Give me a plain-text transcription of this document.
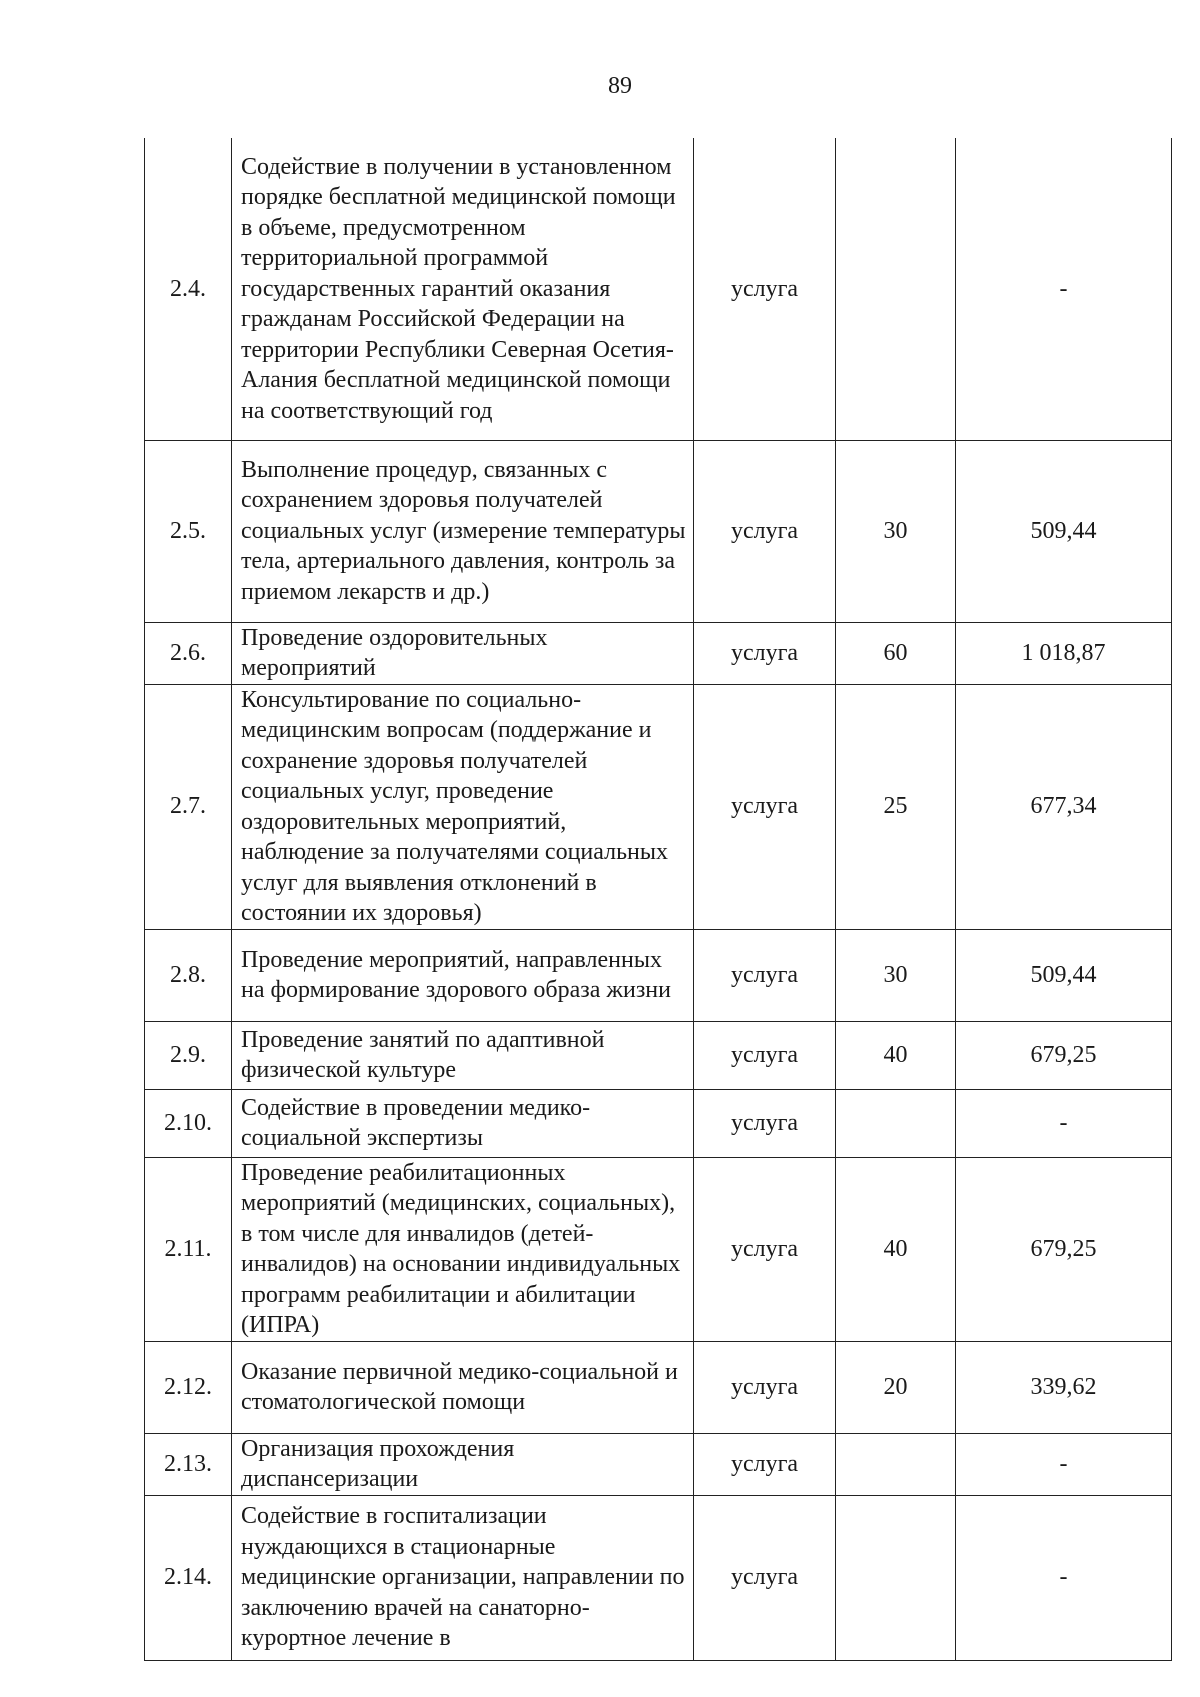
89
2.4.	Содействие в получении в установленном порядке бесплатной медицинской помощи в объеме, предусмотренном территориальной программой государственных гарантий оказания гражданам Российской Федерации на территории Республики Северная Осетия-Алания бесплатной медицинской помощи на соответствующий год	услуга		-
2.5.	Выполнение процедур, связанных с сохранением здоровья получателей социальных услуг (измерение температуры тела, артериального давления, контроль за приемом лекарств и др.)	услуга	30	509,44
2.6.	Проведение оздоровительных мероприятий	услуга	60	1 018,87
2.7.	Консультирование по социально-медицинским вопросам (поддержание и сохранение здоровья получателей социальных услуг, проведение оздоровительных мероприятий, наблюдение за получателями социальных услуг для выявления отклонений в состоянии их здоровья)	услуга	25	677,34
2.8.	Проведение мероприятий, направленных на формирование здорового образа жизни	услуга	30	509,44
2.9.	Проведение занятий по адаптивной физической культуре	услуга	40	679,25
2.10.	Содействие в проведении медико-социальной экспертизы	услуга		-
2.11.	Проведение реабилитационных мероприятий (медицинских, социальных), в том числе для инвалидов (детей-инвалидов) на основании индивидуальных программ реабилитации и абилитации (ИПРА)	услуга	40	679,25
2.12.	Оказание первичной медико-социальной и стоматологической помощи	услуга	20	339,62
2.13.	Организация прохождения диспансеризации	услуга		-
2.14.	Содействие в госпитализации нуждающихся в стационарные медицинские организации, направлении по заключению врачей на санаторно-курортное лечение в	услуга		-
